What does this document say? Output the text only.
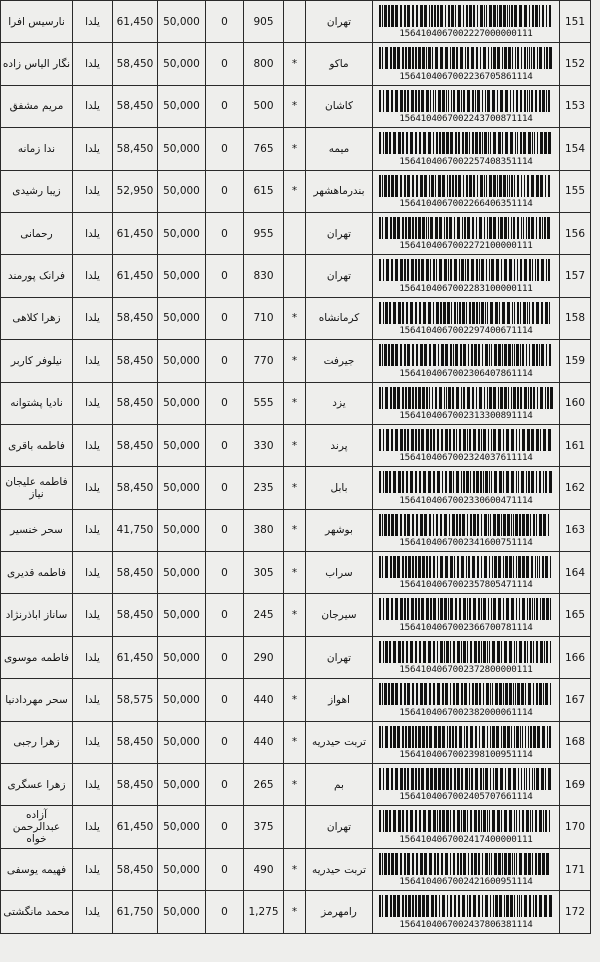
نارسیس افرا	یلدا	61,450	50,000	0	905		تهران	1564104067002227000000111	151
نگار الیاس زاده	یلدا	58,450	50,000	0	800	*	ماکو	1564104067002236705861114	152
مریم مشفق	یلدا	58,450	50,000	0	500	*	کاشان	1564104067002243700871114	153
ندا زمانه	یلدا	58,450	50,000	0	765	*	میمه	1564104067002257408351114	154
زیبا رشیدی	یلدا	52,950	50,000	0	615	*	بندرماهشهر	1564104067002266406351114	155
رحمانی	یلدا	61,450	50,000	0	955		تهران	1564104067002272100000111	156
فرانک پورمند	یلدا	61,450	50,000	0	830		تهران	1564104067002283100000111	157
زهرا کلاهی	یلدا	58,450	50,000	0	710	*	کرمانشاه	1564104067002297400671114	158
نیلوفر کاربر	یلدا	58,450	50,000	0	770	*	جیرفت	1564104067002306407861114	159
نادیا پشتوانه	یلدا	58,450	50,000	0	555	*	یزد	1564104067002313300891114	160
فاطمه باقری	یلدا	58,450	50,000	0	330	*	پرند	1564104067002324037611114	161
فاطمه علیجان نیاز	یلدا	58,450	50,000	0	235	*	بابل	1564104067002330600471114	162
سحر خنسیر	یلدا	41,750	50,000	0	380	*	بوشهر	1564104067002341600751114	163
فاطمه قدیری	یلدا	58,450	50,000	0	305	*	سراب	1564104067002357805471114	164
ساناز اباذرنژاد	یلدا	58,450	50,000	0	245	*	سیرجان	1564104067002366700781114	165
فاطمه موسوی	یلدا	61,450	50,000	0	290		تهران	1564104067002372800000111	166
سحر مهردادنیا	یلدا	58,575	50,000	0	440	*	اهواز	1564104067002382000061114	167
زهرا رجبی	یلدا	58,450	50,000	0	440	*	تربت حیدریه	1564104067002398100951114	168
زهرا عسگری	یلدا	58,450	50,000	0	265	*	بم	1564104067002405707661114	169
آزاده عبدالرحمن خواه	یلدا	61,450	50,000	0	375		تهران	1564104067002417400000111	170
فهیمه یوسفی	یلدا	58,450	50,000	0	490	*	تربت حیدریه	1564104067002421600951114	171
محمد مانگشتی	یلدا	61,750	50,000	0	1,275	*	رامهرمز	1564104067002437806381114	172
